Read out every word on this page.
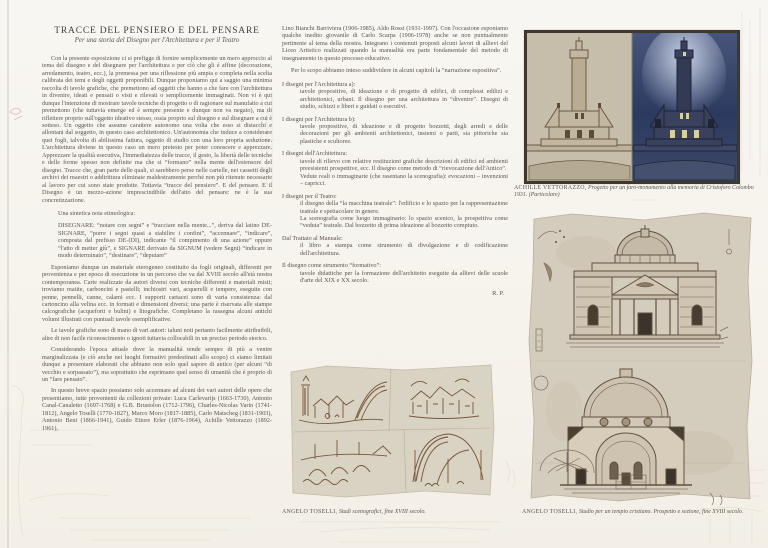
TRACCE DEL PENSIERO E DEL PENSARE
Per una storia del Disegno per l'Architettura e per il Teatro

Con la presente esposizione ci si prefigge di fornire semplicemente un mero approccio al tema del disegno e del disegnare per l'architettura e per ciò che gli è affine (decorazione, arredamento, teatro, ecc.), la premessa per una riflessione più ampia e completa nella scelta calibrata dei temi e degli oggetti proponibili. Dunque proponiamo qui a saggio una minima raccolta di tavole grafiche, che premettono ad oggetti che hanno a che fare con l'architettura in divenire, ideati e pensati o visti e rilevati o semplicemente immaginati. Non vi è qui dunque l'intenzione di mostrare tavole tecniche di progetto o di ragionare sul manufatto a cui premettono (che tuttavia emerge ed è sempre presente e dunque non va negato), ma di riflettere proprio sull'oggetto ideativo stesso, ossia proprio sul disegno e sul disegnare a cui è sotteso. Un oggetto che assume carattere autonomo una volta che esso si distacchi e allontani dal soggetto, in questo caso architettonico. Un'autonomia che induce a considerare quei fogli, talvolta di abilissima fattura, oggetto di studio con una loro propria seduzione. L'architettura diviene in questo caso un mero pretesto per poter conoscere e apprezzare. Apprezzare la qualità esecutiva, l'immediatezza delle tracce, il gesto, la libertà delle tecniche e delle forme spesso non definite ma che si “formano” nella mente dell'estensore del disegno. Tracce che, gran parte delle quali, si sarebbero perse nelle cartelle, nei cassetti degli archivi dei maestri o addirittura eliminate maldestramente perché non più ritenute necessarie al lavoro per cui sono state prodotte. Tuttavia “tracce del pensiero”. E del pensare. E il Disegno è un mezzo-azione imprescindibile dell'atto del pensare: ne è la sua concretizzazione.

Una sintetica nota etimologica:

DISEGNARE: “notare con segni” e “tracciare nella mente...”, deriva dal latino DE-SIGNARE, “porre i segni quasi a stabilire i confini”, “accennare”, “indicare”, composta dal prefisso DE-(DI), indicante “il compimento di una azione” oppure “l'atto di metter giù”, e SIGNARE derivato da SIGNUM (vedere Segni) “indicare in modo determinato”, “destinare”, “deputare”

Esponiamo dunque un materiale eterogeneo costituito da fogli originali, differenti per provenienza e per epoca di esecuzione in un percorso che va dal XVIII secolo all'età nostra contemporanea. Carte realizzate da autori diversi con tecniche differenti e materiali misti; troviamo matite, carboncini e pastelli; inchiostri vari, acquerelli e tempere, eseguite con penne, pennelli, canne, calami ecc. I supporti cartacei sono di varia consistenza: dal cartoncino alla velina ecc. in formati e dimensioni diversi; una parte è riservata alle stampe calcografiche (acqueforti e bulini) e litografiche. Completano la rassegna alcuni antichi volumi illustrati con puntuali tavole esemplificative.

Le tavole grafiche sono di mano di vari autori: taluni noti pertanto facilmente attribuibili, altre di non facile riconoscimento o ignoti tuttavia collocabili in un preciso periodo storico.

Considerando l'epoca attuale dove la manualità tende sempre di più a venire marginalizzata (e ciò anche nei luoghi formativi predestinati allo scopo) ci siamo limitati dunque a presentare elaborati che abbiano non solo quel sapore di antico (per alcuni “di vecchio e sorpassato”), ma soprattutto che esprimano quel senso di umanità che è proprio di un “fare pensato”.

In questo breve spazio possiamo solo accennare ad alcuni dei vari autori delle opere che presentiamo, tutte provenienti da collezioni private: Luca Carlevarijs (1663-1730), Antonio Canal-Canaletto (1697-1768) e G.B. Brustolon (1712-1796), Charles-Nicolas Varin (1741-1812), Angelo Toselli (1770-1827), Marco Moro (1817-1885), Carlo Matscheg (1831-1903), Antonio Beni (1866-1941), Guido Ettore Erler (1876-1964), Achille Vettorazzo (1892-1961),

Lino Bianchi Barriviera (1906-1985), Aldo Rossi (1931-1997). Con l'occasione esponiamo qualche inedito giovanile di Carlo Scarpa (1906-1978) anche se non puntualmente pertinente al tema della mostra. Integrano i contenuti proposti alcuni lavori di allievi del Liceo Artistico realizzati quando la manualità era parte fondamentale del metodo di insegnamento in questo processo educativo.

Per lo scopo abbiamo inteso suddividere in alcuni capitoli la “narrazione espositiva”.

I disegni per l'Architettura a):

tavole propositive, di ideazione e di progetto di edifici, di complessi edilizi e architettonici, urbani. Il disegno per una architettura in “divenire”. Disegni di studio, schizzi e liberi e guidati o esecutivi.

I disegni per l'Architettura b):

tavole propositive, di ideazione e di progetto bozzetti, degli arredi e delle decorazioni per gli ambienti architettonici, insiemi o parti, sia pittoriche sia plastiche e scultoree.

I disegni dell'Architettura:

tavole di rilievo con relative restituzioni grafiche descrizioni di edifici ed ambienti preesistenti prospettive, ecc. Il disegno come metodo di “rievocazione dell'Antico”.

Vedute reali o immaginarie (che rasentano la scenografia): evocazioni – invenzioni – capricci.

I disegni per il Teatro:

il disegno della “la macchina teatrale”: l'edificio e lo spazio per la rappresentazione teatrale e spettacolare in genere.

La scenografia come luogo immaginario: lo spazio scenico, la prospettiva come “veduta” teatrale. Dal bozzetto di prima ideazione al bozzetto compiuto.

Dal Trattato al Manuale:

il libro a stampa come strumento di divulgazione e di codificazione dell'architettura.

Il disegno come strumento “formativo”:

tavole didattiche per la formazione dell'architetto eseguite da allievi delle scuole d'arte del XIX e XX secolo.

R. P.
ACHILLE VETTORAZZO, Progetto per un faro-monumento alla memoria di Cristoforo Colombo 1931. (Particolare)
ANGELO TOSELLI, Studi scenografici, fine XVIII secolo.	ANGELO TOSELLI, Studio per un tempio cristiano. Prospetto e sezione, fine XVIII secolo.
